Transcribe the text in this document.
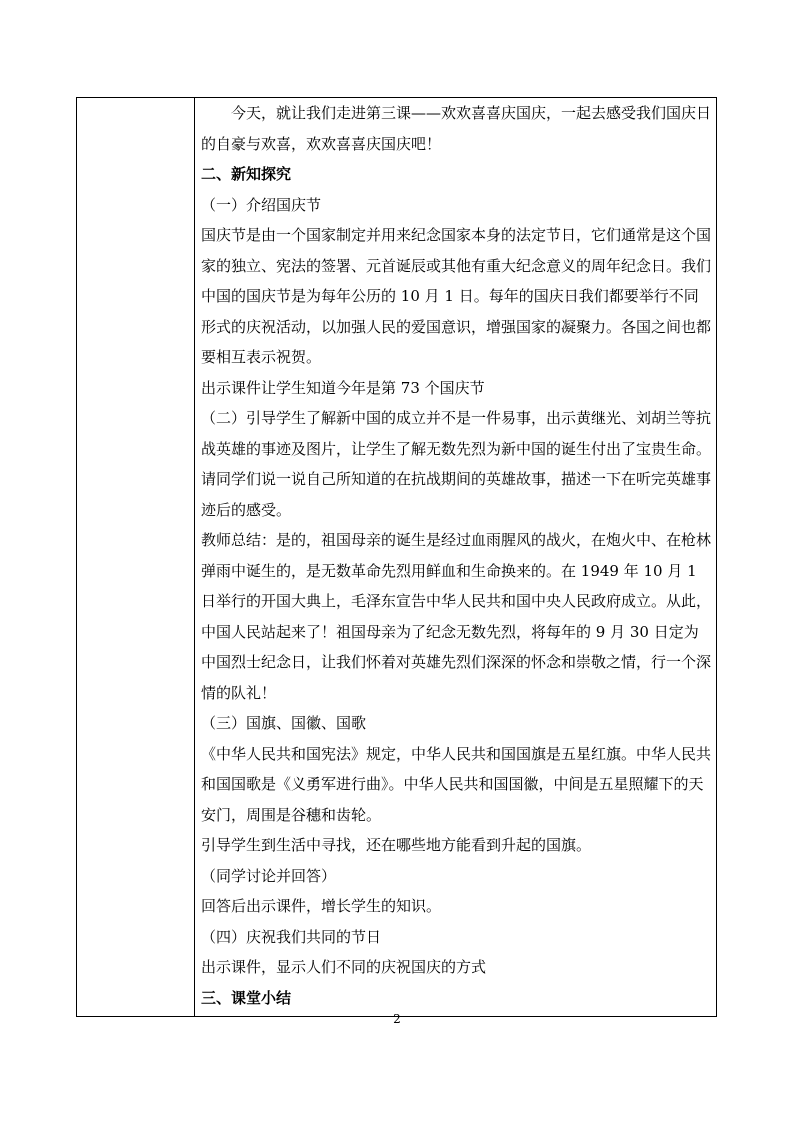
今天，就让我们走进第三课——欢欢喜喜庆国庆，一起去感受我们国庆日的自豪与欢喜，欢欢喜喜庆国庆吧！

二、新知探究

（一）介绍国庆节

国庆节是由一个国家制定并用来纪念国家本身的法定节日，它们通常是这个国家的独立、宪法的签署、元首诞辰或其他有重大纪念意义的周年纪念日。我们中国的国庆节是为每年公历的 10 月 1 日。每年的国庆日我们都要举行不同形式的庆祝活动，以加强人民的爱国意识，增强国家的凝聚力。各国之间也都要相互表示祝贺。

出示课件让学生知道今年是第 73 个国庆节

（二）引导学生了解新中国的成立并不是一件易事，出示黄继光、刘胡兰等抗战英雄的事迹及图片，让学生了解无数先烈为新中国的诞生付出了宝贵生命。

请同学们说一说自己所知道的在抗战期间的英雄故事，描述一下在听完英雄事迹后的感受。

教师总结：是的，祖国母亲的诞生是经过血雨腥风的战火，在炮火中、在枪林弹雨中诞生的，是无数革命先烈用鲜血和生命换来的。在 1949 年 10 月 1 日举行的开国大典上，毛泽东宣告中华人民共和国中央人民政府成立。从此，中国人民站起来了！祖国母亲为了纪念无数先烈，将每年的 9 月 30 日定为中国烈士纪念日，让我们怀着对英雄先烈们深深的怀念和崇敬之情，行一个深情的队礼！

（三）国旗、国徽、国歌

《中华人民共和国宪法》规定，中华人民共和国国旗是五星红旗。中华人民共和国国歌是《义勇军进行曲》。中华人民共和国国徽，中间是五星照耀下的天安门，周围是谷穗和齿轮。

引导学生到生活中寻找，还在哪些地方能看到升起的国旗。

（同学讨论并回答）

回答后出示课件，增长学生的知识。

（四）庆祝我们共同的节日

出示课件，显示人们不同的庆祝国庆的方式

三、课堂小结

2
